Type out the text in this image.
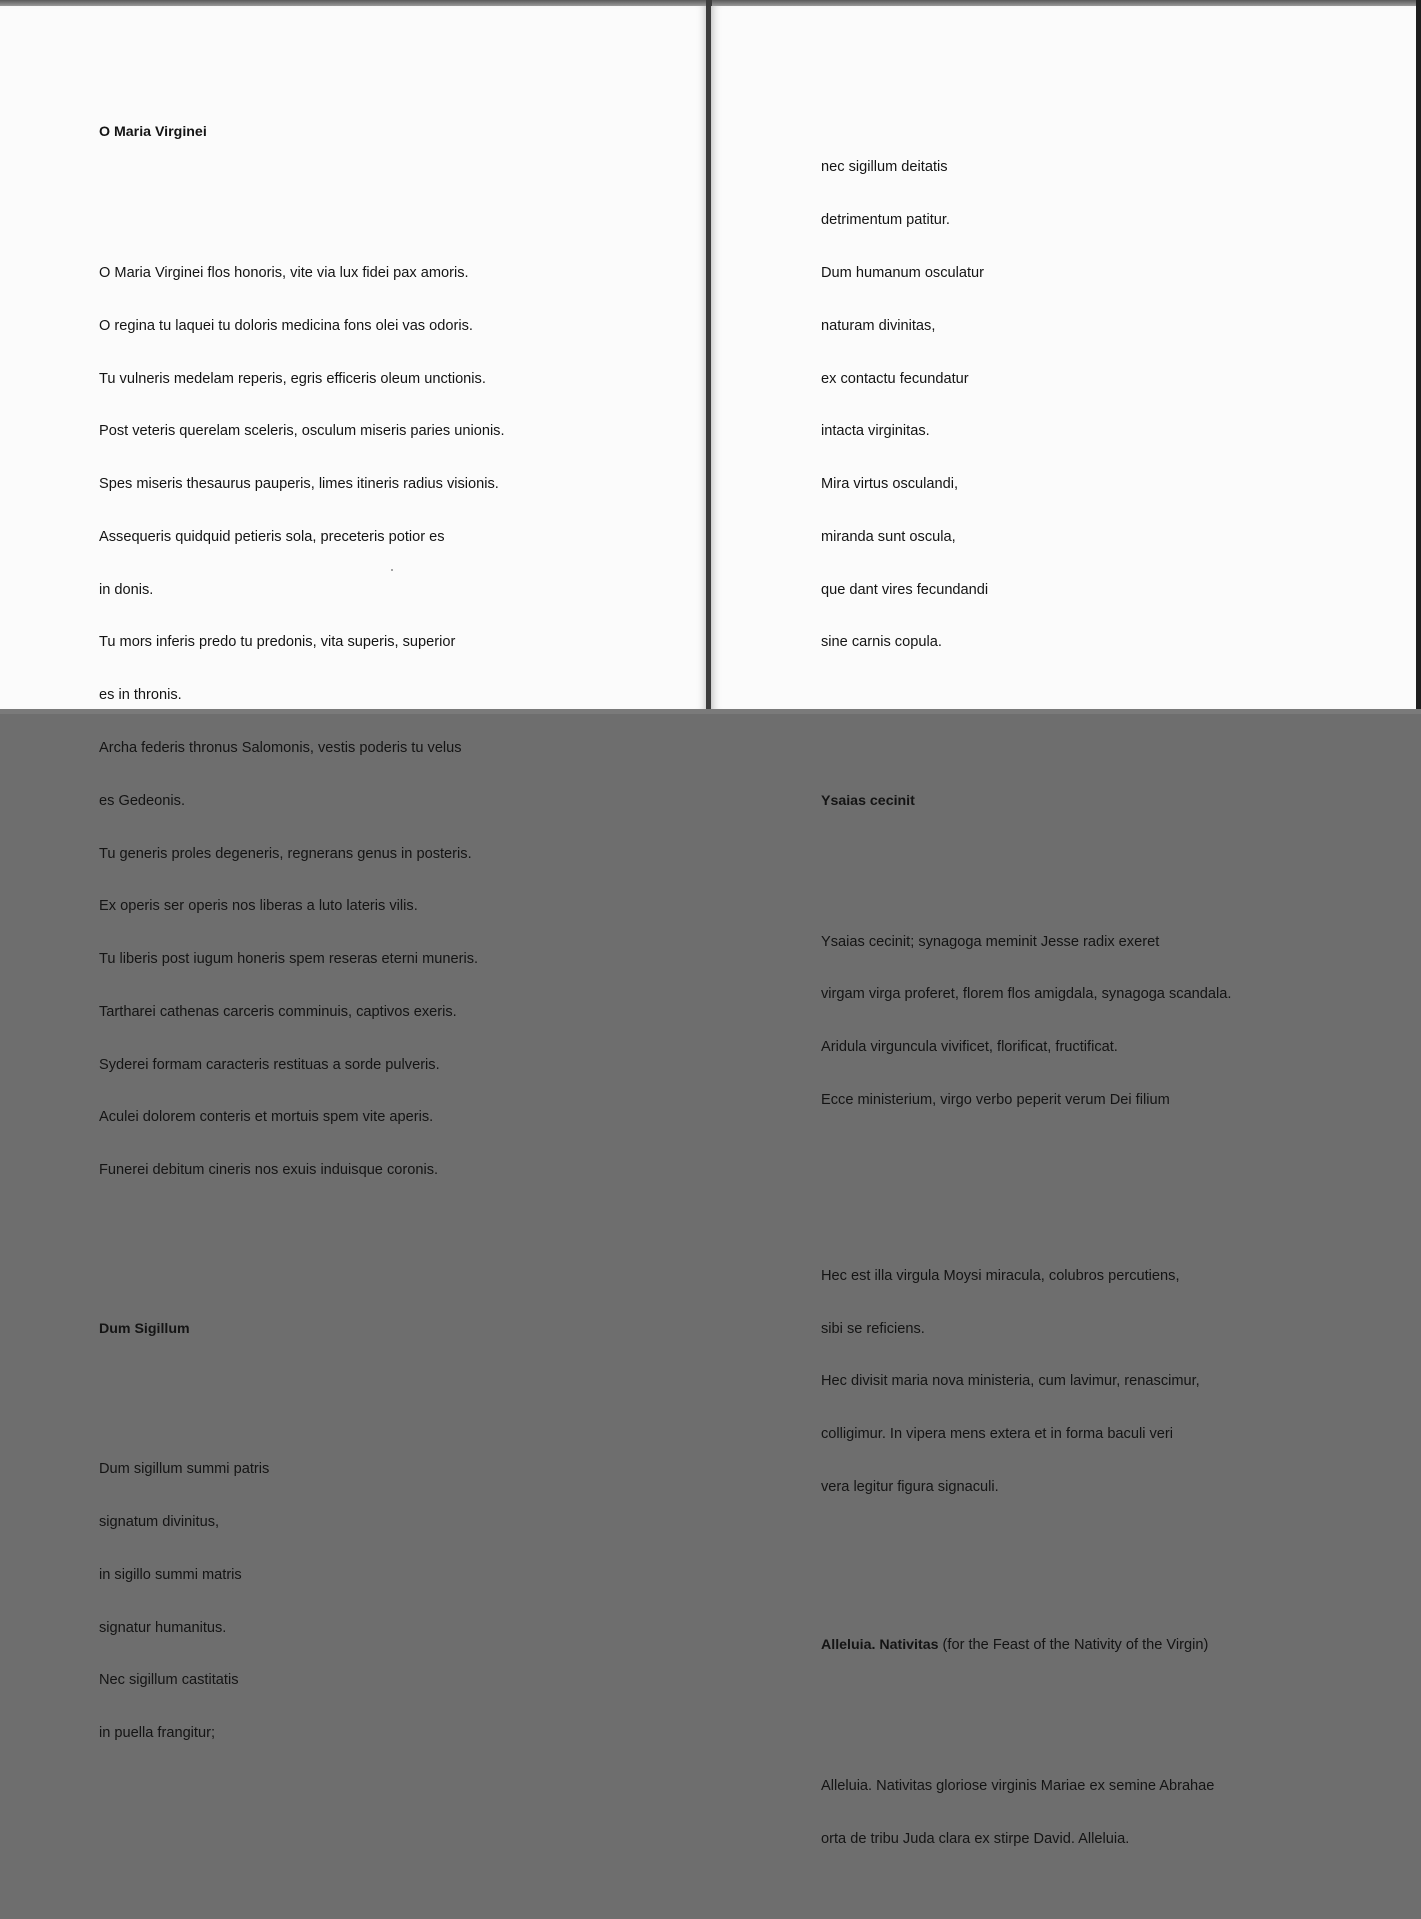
O Maria Virginei

O Maria Virginei flos honoris, vite via lux fidei pax amoris.

O regina tu laquei tu doloris medicina fons olei vas odoris.

Tu vulneris medelam reperis, egris efficeris oleum unctionis.

Post veteris querelam sceleris, osculum miseris paries unionis.

Spes miseris thesaurus pauperis, limes itineris radius visionis.

Assequeris quidquid petieris sola, preceteris potior es

in donis.

Tu mors inferis predo tu predonis, vita superis, superior

es in thronis.

Archa federis thronus Salomonis, vestis poderis tu velus

es Gedeonis.

Tu generis proles degeneris, regnerans genus in posteris.

Ex operis ser operis nos liberas a luto lateris vilis.

Tu liberis post iugum honeris spem reseras eterni muneris.

Tartharei cathenas carceris comminuis, captivos exeris.

Syderei formam caracteris restituas a sorde pulveris.

Aculei dolorem conteris et mortuis spem vite aperis.

Funerei debitum cineris nos exuis induisque coronis.

Dum Sigillum

Dum sigillum summi patris

signatum divinitus,

in sigillo summi matris

signatur humanitus.

Nec sigillum castitatis

in puella frangitur;

nec sigillum deitatis

detrimentum patitur.

Dum humanum osculatur

naturam divinitas,

ex contactu fecundatur

intacta virginitas.

Mira virtus osculandi,

miranda sunt oscula,

que dant vires fecundandi

sine carnis copula.

Ysaias cecinit

Ysaias cecinit; synagoga meminit Jesse radix exeret

virgam virga proferet, florem flos amigdala, synagoga scandala.

Aridula virguncula vivificet, florificat, fructificat.

Ecce ministerium, virgo verbo peperit verum Dei filium

Hec est illa virgula Moysi miracula, colubros percutiens,

sibi se reficiens.

Hec divisit maria nova ministeria, cum lavimur, renascimur,

colligimur. In vipera mens extera et in forma baculi veri

vera legitur figura signaculi.

Alleluia. Nativitas (for the Feast of the Nativity of the Virgin)

Alleluia. Nativitas gloriose virginis Mariae ex semine Abrahae

orta de tribu Juda clara ex stirpe David. Alleluia.
